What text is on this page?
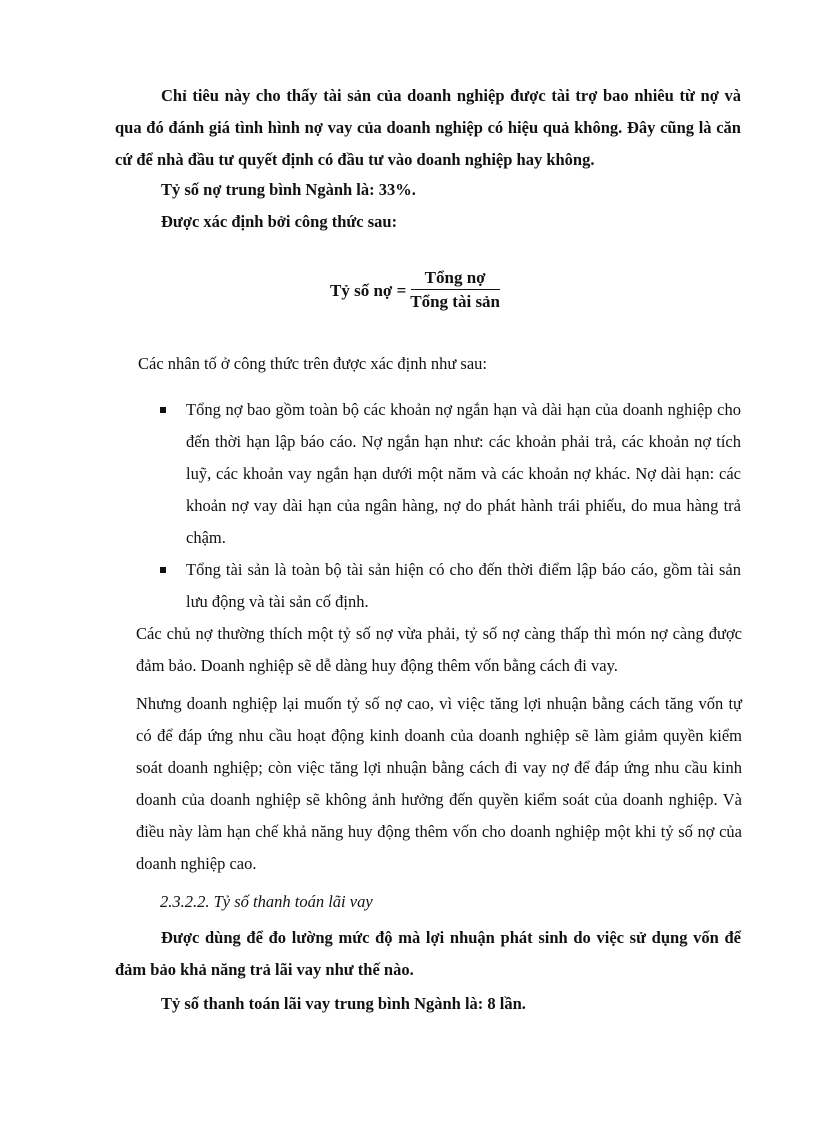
Chỉ tiêu này cho thấy tài sản của doanh nghiệp được tài trợ bao nhiêu từ nợ và qua đó đánh giá tình hình nợ vay của doanh nghiệp có hiệu quả không. Đây cũng là căn cứ để nhà đầu tư quyết định có đầu tư vào doanh nghiệp hay không.

Tỷ số nợ trung bình Ngành là: 33%.

Được xác định bởi công thức sau:

Tỷ số nợ = $\frac{\text{Tổng nợ}}{\text{Tổng tài sản}}$

Các nhân tố ở công thức trên được xác định như sau:

Tổng nợ bao gồm toàn bộ các khoản nợ ngắn hạn và dài hạn của doanh nghiệp cho đến thời hạn lập báo cáo. Nợ ngắn hạn như: các khoản phải trả, các khoản nợ tích luỹ, các khoản vay ngắn hạn dưới một năm và các khoản nợ khác. Nợ dài hạn: các khoản nợ vay dài hạn của ngân hàng, nợ do phát hành trái phiếu, do mua hàng trả chậm.
Tổng tài sản là toàn bộ tài sản hiện có cho đến thời điểm lập báo cáo, gồm tài sản lưu động và tài sản cố định.

Các chủ nợ thường thích một tỷ số nợ vừa phải, tỷ số nợ càng thấp thì món nợ càng được đảm bảo. Doanh nghiệp sẽ dễ dàng huy động thêm vốn bằng cách đi vay.

Nhưng doanh nghiệp lại muốn tỷ số nợ cao, vì việc tăng lợi nhuận bằng cách tăng vốn tự có để đáp ứng nhu cầu hoạt động kinh doanh của doanh nghiệp sẽ làm giảm quyền kiểm soát doanh nghiệp; còn việc tăng lợi nhuận bằng cách đi vay nợ để đáp ứng nhu cầu kinh doanh của doanh nghiệp sẽ không ảnh hưởng đến quyền kiểm soát của doanh nghiệp. Và điều này làm hạn chế khả năng huy động thêm vốn cho doanh nghiệp một khi tỷ số nợ của doanh nghiệp cao.

2.3.2.2. Tỷ số thanh toán lãi vay

Được dùng để đo lường mức độ mà lợi nhuận phát sinh do việc sử dụng vốn để đảm bảo khả năng trả lãi vay như thế nào.

Tỷ số thanh toán lãi vay trung bình Ngành là: 8 lần.
